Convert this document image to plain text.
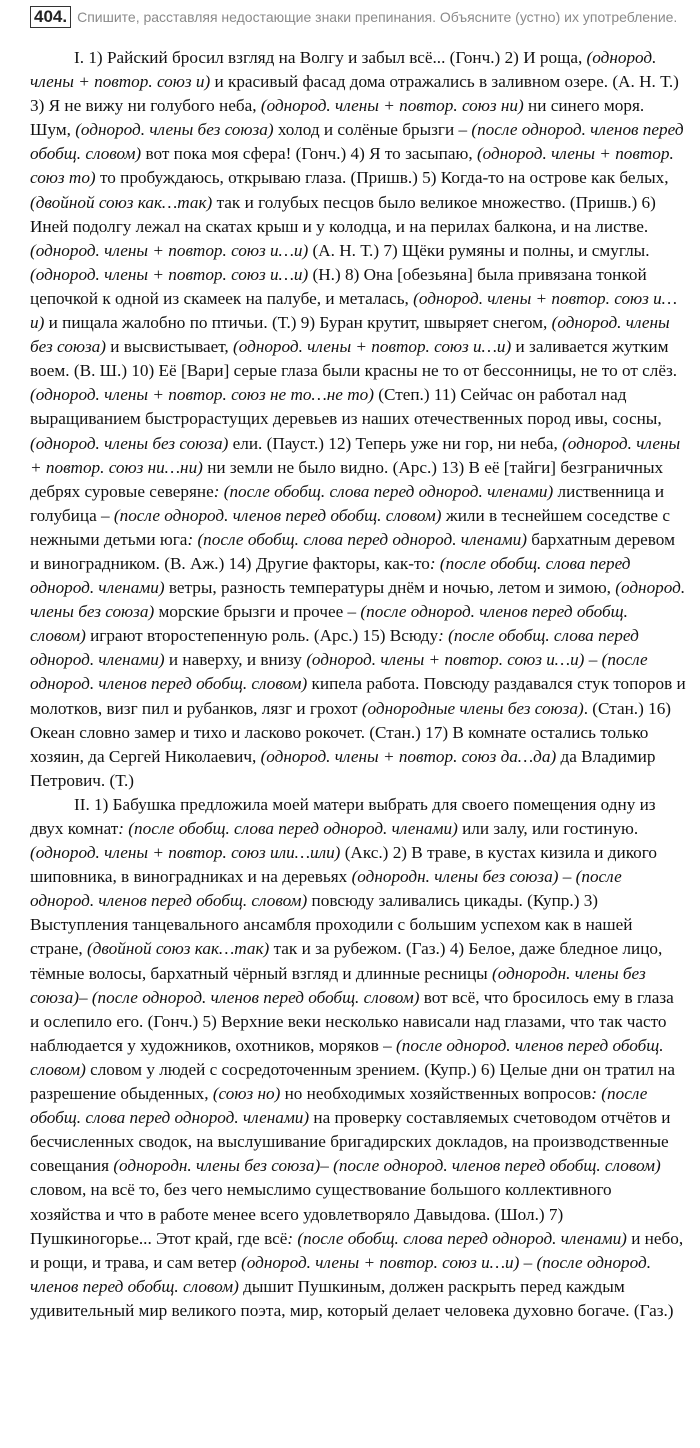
404. Спишите, расставляя недостающие знаки препинания. Объясните (устно) их употребление.

I. 1) Райский бросил взгляд на Волгу и забыл всё... (Гонч.) 2) И роща, (однород. члены + повтор. союз и) и красивый фасад дома отражались в заливном озере. (А. Н. Т.) 3) Я не вижу ни голубого неба, (однород. члены + повтор. союз ни) ни синего моря. Шум, (однород. члены без союза) холод и солёные брызги – (после однород. членов перед обобщ. словом) вот пока моя сфера! (Гонч.) 4) Я то засыпаю, (однород. члены + повтор. союз то) то пробуждаюсь, открываю глаза. (Пришв.) 5) Когда-то на острове как белых, (двойной союз как…так) так и голубых песцов было великое множество. (Пришв.) 6) Иней подолгу лежал на скатах крыш и у колодца, и на перилах балкона, и на листве. (однород. члены + повтор. союз и…и) (А. Н. Т.) 7) Щёки румяны и полны, и смуглы. (однород. члены + повтор. союз и…и) (Н.) 8) Она [обезьяна] была привязана тонкой цепочкой к одной из скамеек на палубе, и металась, (однород. члены + повтор. союз и…и) и пищала жалобно по птичьи. (Т.) 9) Буран крутит, швыряет снегом, (однород. члены без союза) и высвистывает, (однород. члены + повтор. союз и…и) и заливается жутким воем. (В. Ш.) 10) Её [Вари] серые глаза были красны не то от бессонницы, не то от слёз. (однород. члены + повтор. союз не то…не то) (Степ.) 11) Сейчас он работал над выращиванием быстрорастущих деревьев из наших отечественных пород ивы, сосны, (однород. члены без союза) ели. (Пауст.) 12) Теперь уже ни гор, ни неба, (однород. члены + повтор. союз ни…ни) ни земли не было видно. (Арс.) 13) В её [тайги] безграничных дебрях суровые северяне: (после обобщ. слова перед однород. членами) лиственница и голубица – (после однород. членов перед обобщ. словом) жили в теснейшем соседстве с нежными детьми юга: (после обобщ. слова перед однород. членами) бархатным деревом и виноградником. (В. Аж.) 14) Другие факторы, как-то: (после обобщ. слова перед однород. членами) ветры, разность температуры днём и ночью, летом и зимою, (однород. члены без союза) морские брызги и прочее – (после однород. членов перед обобщ. словом) играют второстепенную роль. (Арс.) 15) Всюду: (после обобщ. слова перед однород. членами) и наверху, и внизу (однород. члены + повтор. союз и…и) – (после однород. членов перед обобщ. словом) кипела работа. Повсюду раздавался стук топоров и молотков, визг пил и рубанков, лязг и грохот (однородные члены без союза). (Стан.) 16) Океан словно замер и тихо и ласково рокочет. (Стан.) 17) В комнате остались только хозяин, да Сергей Николаевич, (однород. члены + повтор. союз да…да) да Владимир Петрович. (Т.)

II. 1) Бабушка предложила моей матери выбрать для своего помещения одну из двух комнат: (после обобщ. слова перед однород. членами) или залу, или гостиную. (однород. члены + повтор. союз или…или) (Акс.) 2) В траве, в кустах кизила и дикого шиповника, в виноградниках и на деревьях (однородн. члены без союза) – (после однород. членов перед обобщ. словом) повсюду заливались цикады. (Купр.) 3) Выступления танцевального ансамбля проходили с большим успехом как в нашей стране, (двойной союз как…так) так и за рубежом. (Газ.) 4) Белое, даже бледное лицо, тёмные волосы, бархатный чёрный взгляд и длинные ресницы (однородн. члены без союза)– (после однород. членов перед обобщ. словом) вот всё, что бросилось ему в глаза и ослепило его. (Гонч.) 5) Верхние веки несколько нависали над глазами, что так часто наблюдается у художников, охотников, моряков – (после однород. членов перед обобщ. словом) словом у людей с сосредоточенным зрением. (Купр.) 6) Целые дни он тратил на разрешение обыденных, (союз но) но необходимых хозяйственных вопросов: (после обобщ. слова перед однород. членами) на проверку составляемых счетоводом отчётов и бесчисленных сводок, на выслушивание бригадирских докладов, на производственные совещания (однородн. члены без союза)– (после однород. членов перед обобщ. словом) словом, на всё то, без чего немыслимо существование большого коллективного хозяйства и что в работе менее всего удовлетворяло Давыдова. (Шол.) 7) Пушкиногорье... Этот край, где всё: (после обобщ. слова перед однород. членами) и небо, и рощи, и трава, и сам ветер (однород. члены + повтор. союз и…и) – (после однород. членов перед обобщ. словом) дышит Пушкиным, должен раскрыть перед каждым удивительный мир великого поэта, мир, который делает человека духовно богаче. (Газ.)
